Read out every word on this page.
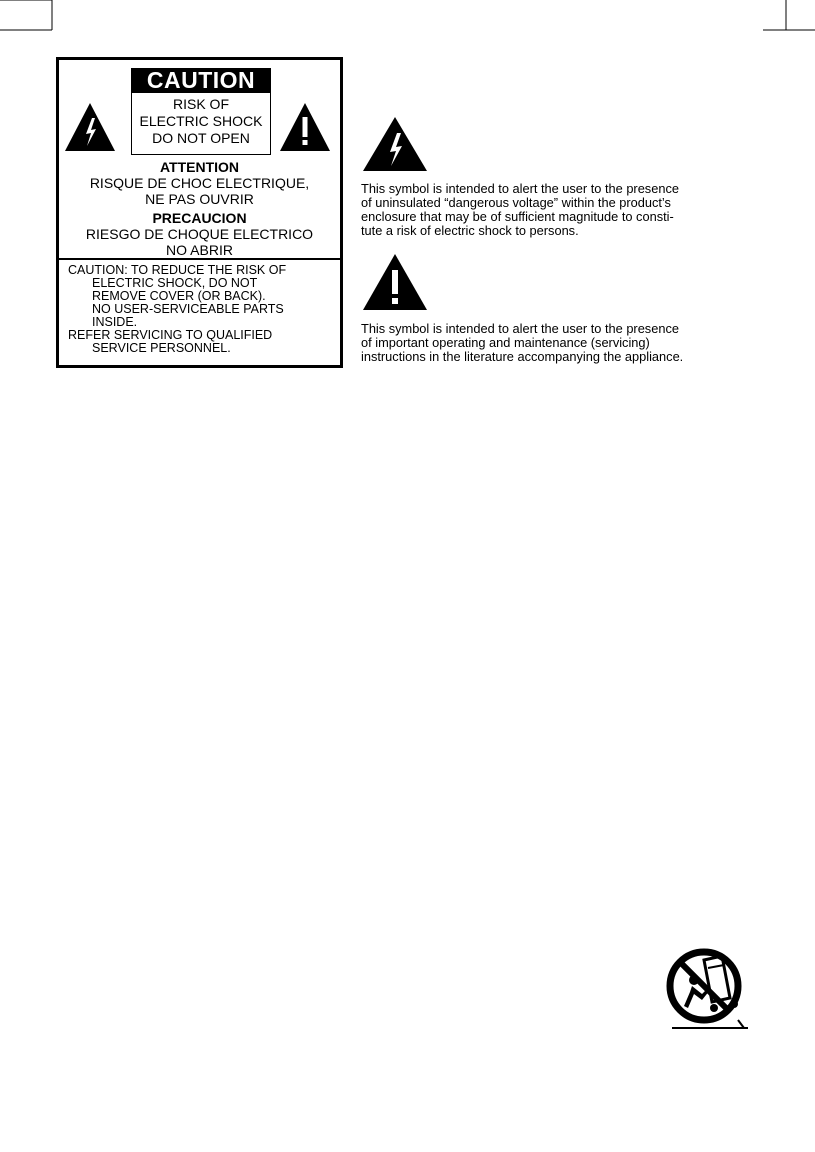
CAUTION
RISK OF
ELECTRIC SHOCK
DO NOT OPEN
ATTENTION
RISQUE DE CHOC ELECTRIQUE,
NE PAS OUVRIR
PRECAUCION
RIESGO DE CHOQUE ELECTRICO
NO ABRIR
CAUTION: TO REDUCE THE RISK OF
ELECTRIC SHOCK, DO NOT
REMOVE COVER (OR BACK).
NO USER-SERVICEABLE PARTS
INSIDE.
REFER SERVICING TO QUALIFIED
SERVICE PERSONNEL.
This symbol is intended to alert the user to the presence
of uninsulated “dangerous voltage” within the product’s
enclosure that may be of sufficient magnitude to consti-
tute a risk of electric shock to persons.
This symbol is intended to alert the user to the presence
of important operating and maintenance (servicing)
instructions in the literature accompanying the appliance.
